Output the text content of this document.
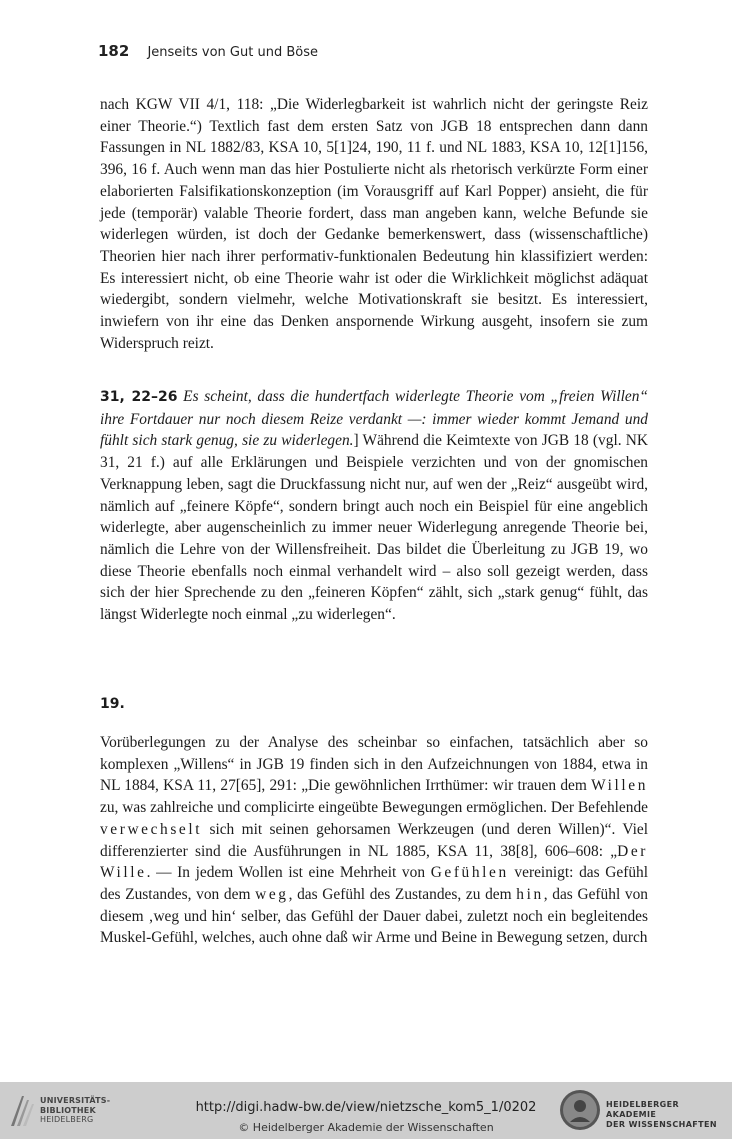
182 Jenseits von Gut und Böse

nach KGW VII 4/1, 118: „Die Widerlegbarkeit ist wahrlich nicht der geringste Reiz einer Theorie.“) Textlich fast dem ersten Satz von JGB 18 entsprechen dann dann Fassungen in NL 1882/83, KSA 10, 5[1]24, 190, 11 f. und NL 1883, KSA 10, 12[1]156, 396, 16 f. Auch wenn man das hier Postulierte nicht als rhetorisch verkürzte Form einer elaborierten Falsifikationskonzeption (im Vorausgriff auf Karl Popper) ansieht, die für jede (temporär) valable Theorie fordert, dass man angeben kann, welche Befunde sie widerlegen würden, ist doch der Gedanke bemerkenswert, dass (wissenschaftliche) Theorien hier nach ihrer performativ-funktionalen Bedeutung hin klassifiziert werden: Es interessiert nicht, ob eine Theorie wahr ist oder die Wirklichkeit möglichst adäquat wiedergibt, sondern vielmehr, welche Motivationskraft sie besitzt. Es interessiert, inwiefern von ihr eine das Denken anspornende Wirkung ausgeht, insofern sie zum Widerspruch reizt.

31, 22–26 Es scheint, dass die hundertfach widerlegte Theorie vom „freien Willen“ ihre Fortdauer nur noch diesem Reize verdankt —: immer wieder kommt Jemand und fühlt sich stark genug, sie zu widerlegen.] Während die Keimtexte von JGB 18 (vgl. NK 31, 21 f.) auf alle Erklärungen und Beispiele verzichten und von der gnomischen Verknappung leben, sagt die Druckfassung nicht nur, auf wen der „Reiz“ ausgeübt wird, nämlich auf „feinere Köpfe“, sondern bringt auch noch ein Beispiel für eine angeblich widerlegte, aber augenscheinlich zu immer neuer Widerlegung anregende Theorie bei, nämlich die Lehre von der Willensfreiheit. Das bildet die Überleitung zu JGB 19, wo diese Theorie ebenfalls noch einmal verhandelt wird – also soll gezeigt werden, dass sich der hier Sprechende zu den „feineren Köpfen“ zählt, sich „stark genug“ fühlt, das längst Widerlegte noch einmal „zu widerlegen“.

19.

Vorüberlegungen zu der Analyse des scheinbar so einfachen, tatsächlich aber so komplexen „Willens“ in JGB 19 finden sich in den Aufzeichnungen von 1884, etwa in NL 1884, KSA 11, 27[65], 291: „Die gewöhnlichen Irrthümer: wir trauen dem Willen zu, was zahlreiche und complicirte eingeübte Bewegungen ermöglichen. Der Befehlende verwechselt sich mit seinen gehorsamen Werkzeugen (und deren Willen)“. Viel differenzierter sind die Ausführungen in NL 1885, KSA 11, 38[8], 606–608: „Der Wille. — In jedem Wollen ist eine Mehrheit von Gefühlen vereinigt: das Gefühl des Zustandes, von dem weg, das Gefühl des Zustandes, zu dem hin, das Gefühl von diesem ‚weg und hin‘ selber, das Gefühl der Dauer dabei, zuletzt noch ein begleitendes Muskel-Gefühl, welches, auch ohne daß wir Arme und Beine in Bewegung setzen, durch

UNIVERSITÄTS-
BIBLIOTHEK
HEIDELBERG
http://digi.hadw-bw.de/view/nietzsche_kom5_1/0202
© Heidelberger Akademie der Wissenschaften
HEIDELBERGER AKADEMIE
DER WISSENSCHAFTEN
